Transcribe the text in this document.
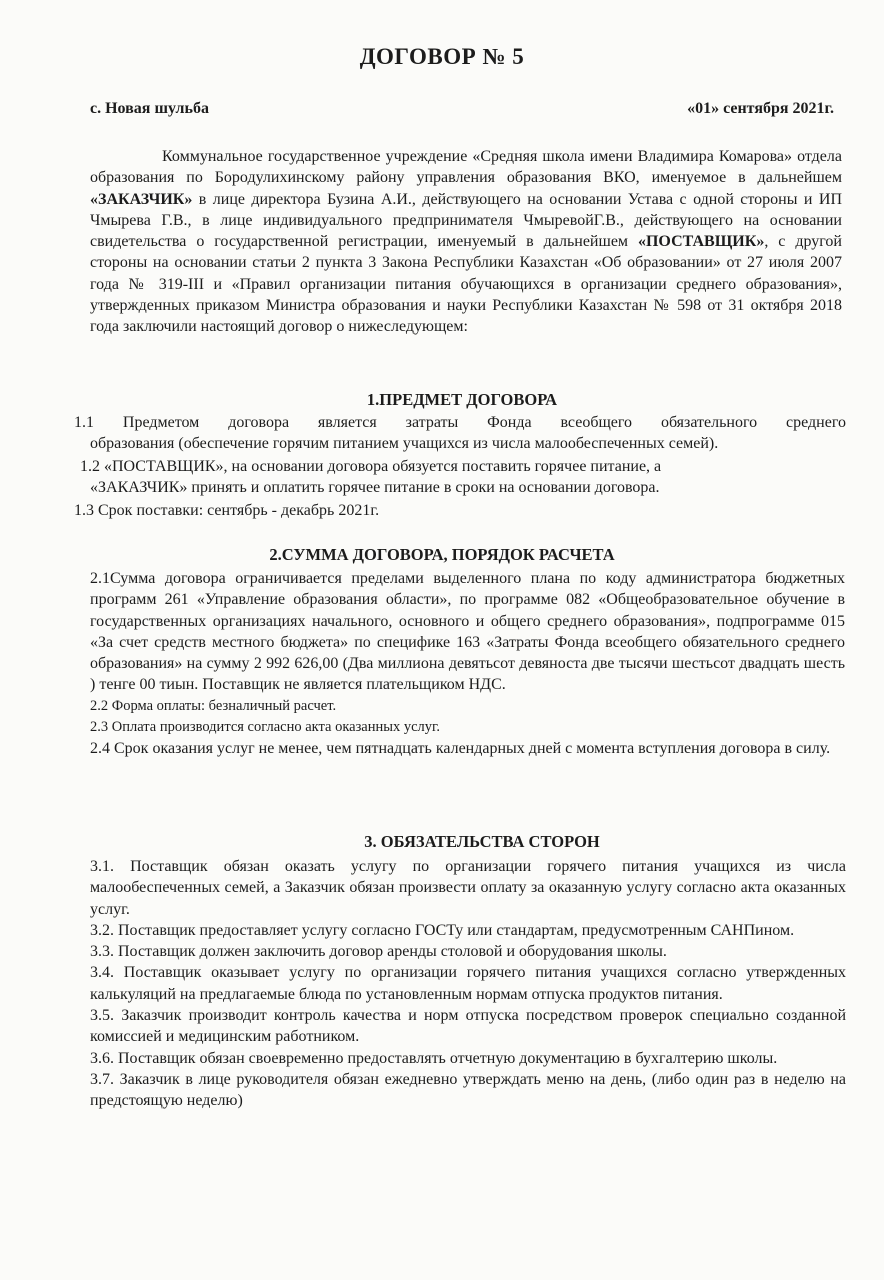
ДОГОВОР № 5
с. Новая шульба	«01» сентября 2021г.
Коммунальное государственное учреждение «Средняя школа имени Владимира Комарова» отдела образования по Бородулихинскому району управления образования ВКО, именуемое в дальнейшем «ЗАКАЗЧИК» в лице директора Бузина А.И., действующего на основании Устава с одной стороны и ИП Чмырева Г.В., в лице индивидуального предпринимателя ЧмыревойГ.В., действующего на основании свидетельства о государственной регистрации, именуемый в дальнейшем «ПОСТАВЩИК», с другой стороны на основании статьи 2 пункта 3 Закона Республики Казахстан «Об образовании» от 27 июля 2007 года № 319-III и «Правил организации питания обучающихся в организации среднего образования», утвержденных приказом Министра образования и науки Республики Казахстан № 598 от 31 октября 2018 года заключили настоящий договор о нижеследующем:
1.ПРЕДМЕТ ДОГОВОРА
1.1 Предметом договора является затраты Фонда всеобщего обязательного среднего
образования (обеспечение горячим питанием учащихся из числа малообеспеченных семей).
1.2 «ПОСТАВЩИК», на основании договора обязуется поставить горячее питание, а
«ЗАКАЗЧИК» принять и оплатить горячее питание в сроки на основании договора.
1.3 Срок поставки: сентябрь - декабрь 2021г.
2.СУММА ДОГОВОРА, ПОРЯДОК РАСЧЕТА

2.1Сумма договора ограничивается пределами выделенного плана по коду администратора бюджетных программ 261 «Управление образования области», по программе 082 «Общеобразовательное обучение в государственных организациях начального, основного и общего среднего образования», подпрограмме 015 «За счет средств местного бюджета» по специфике 163 «Затраты Фонда всеобщего обязательного среднего образования» на сумму 2 992 626,00 (Два миллиона девятьсот девяноста две тысячи шестьсот двадцать шесть ) тенге 00 тиын. Поставщик не является плательщиком НДС.

2.2 Форма оплаты: безналичный расчет.

2.3 Оплата производится согласно акта оказанных услуг.

2.4 Срок оказания услуг не менее, чем пятнадцать календарных дней с момента вступления договора в силу.

3. ОБЯЗАТЕЛЬСТВА СТОРОН

3.1. Поставщик обязан оказать услугу по организации горячего питания учащихся из числа малообеспеченных семей, а Заказчик обязан произвести оплату за оказанную услугу согласно акта оказанных услуг.

3.2. Поставщик предоставляет услугу согласно ГОСТу или стандартам, предусмотренным САНПином.

3.3. Поставщик должен заключить договор аренды столовой и оборудования школы.

3.4. Поставщик оказывает услугу по организации горячего питания учащихся согласно утвержденных калькуляций на предлагаемые блюда по установленным нормам отпуска продуктов питания.

3.5. Заказчик производит контроль качества и норм отпуска посредством проверок специально созданной комиссией и медицинским работником.

3.6. Поставщик обязан своевременно предоставлять отчетную документацию в бухгалтерию школы.

3.7. Заказчик в лице руководителя обязан ежедневно утверждать меню на день, (либо один раз в неделю на предстоящую неделю)
